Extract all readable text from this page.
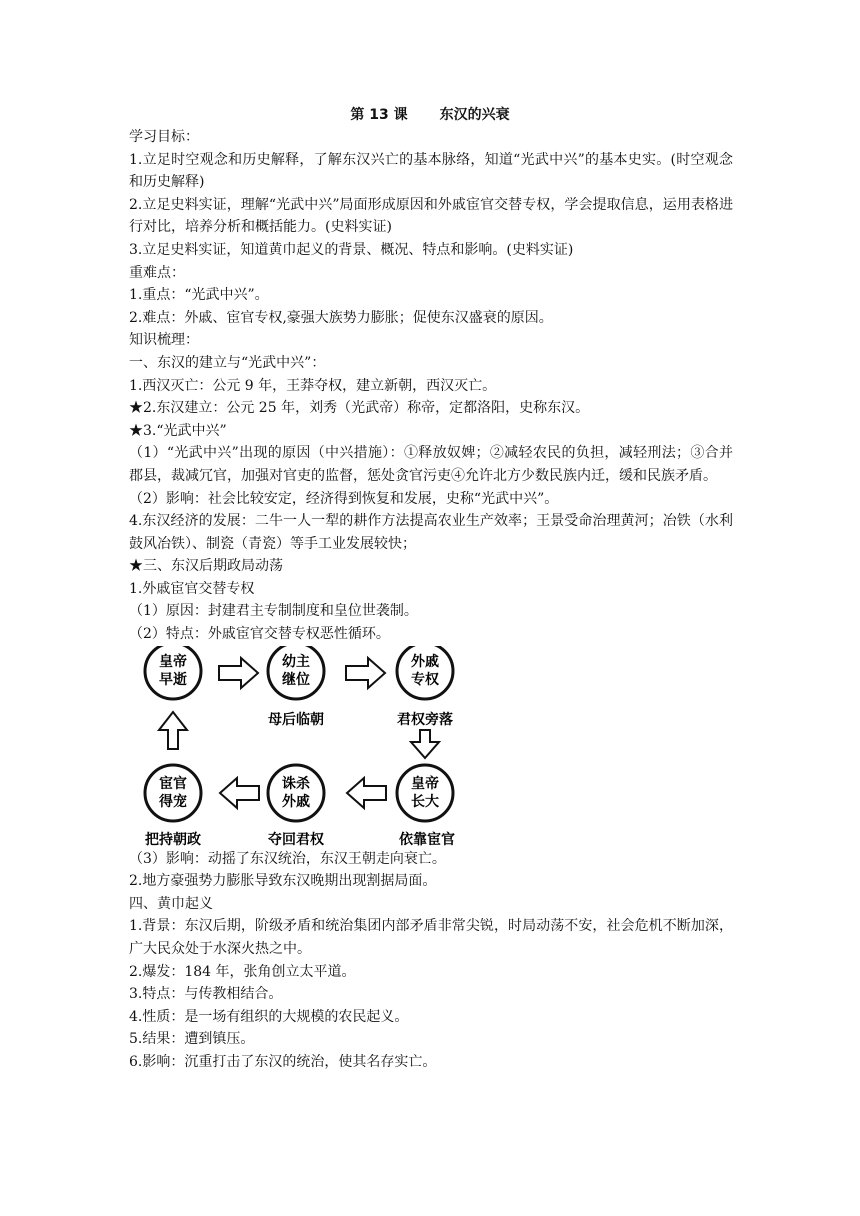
第 13 课 东汉的兴衰
学习目标：
1.立足时空观念和历史解释，了解东汉兴亡的基本脉络，知道“光武中兴”的基本史实。(时空观念和历史解释)
2.立足史料实证，理解“光武中兴”局面形成原因和外戚宦官交替专权，学会提取信息，运用表格进行对比，培养分析和概括能力。(史料实证)
3.立足史料实证，知道黄巾起义的背景、概况、特点和影响。(史料实证)
重难点：
1.重点：“光武中兴”。
2.难点：外戚、宦官专权,豪强大族势力膨胀；促使东汉盛衰的原因。
知识梳理：
一、东汉的建立与“光武中兴”：
1.西汉灭亡：公元 9 年，王莽夺权，建立新朝，西汉灭亡。
★2.东汉建立：公元 25 年，刘秀（光武帝）称帝，定都洛阳，史称东汉。
★3.“光武中兴”
（1）“光武中兴”出现的原因（中兴措施）：①释放奴婢；②减轻农民的负担，减轻刑法；③合并郡县，裁减冗官，加强对官吏的监督，惩处贪官污吏④允许北方少数民族内迁，缓和民族矛盾。
（2）影响：社会比较安定，经济得到恢复和发展，史称“光武中兴”。
4.东汉经济的发展：二牛一人一犁的耕作方法提高农业生产效率；王景受命治理黄河；冶铁（水利鼓风冶铁）、制瓷（青瓷）等手工业发展较快；
★三、东汉后期政局动荡
1.外戚宦官交替专权
（1）原因：封建君主专制制度和皇位世袭制。
（2）特点：外戚宦官交替专权恶性循环。
皇帝
早逝
幼主
继位
外戚
专权
皇帝
长大
诛杀
外戚
宦官
得宠
母后临朝	君权旁落
依靠宦官
夺回君权
把持朝政
（3）影响：动摇了东汉统治，东汉王朝走向衰亡。
2.地方豪强势力膨胀导致东汉晚期出现割据局面。
四、黄巾起义
1.背景：东汉后期，阶级矛盾和统治集团内部矛盾非常尖锐，时局动荡不安，社会危机不断加深，广大民众处于水深火热之中。
2.爆发：184 年，张角创立太平道。
3.特点：与传教相结合。
4.性质：是一场有组织的大规模的农民起义。
5.结果：遭到镇压。
6.影响：沉重打击了东汉的统治，使其名存实亡。
